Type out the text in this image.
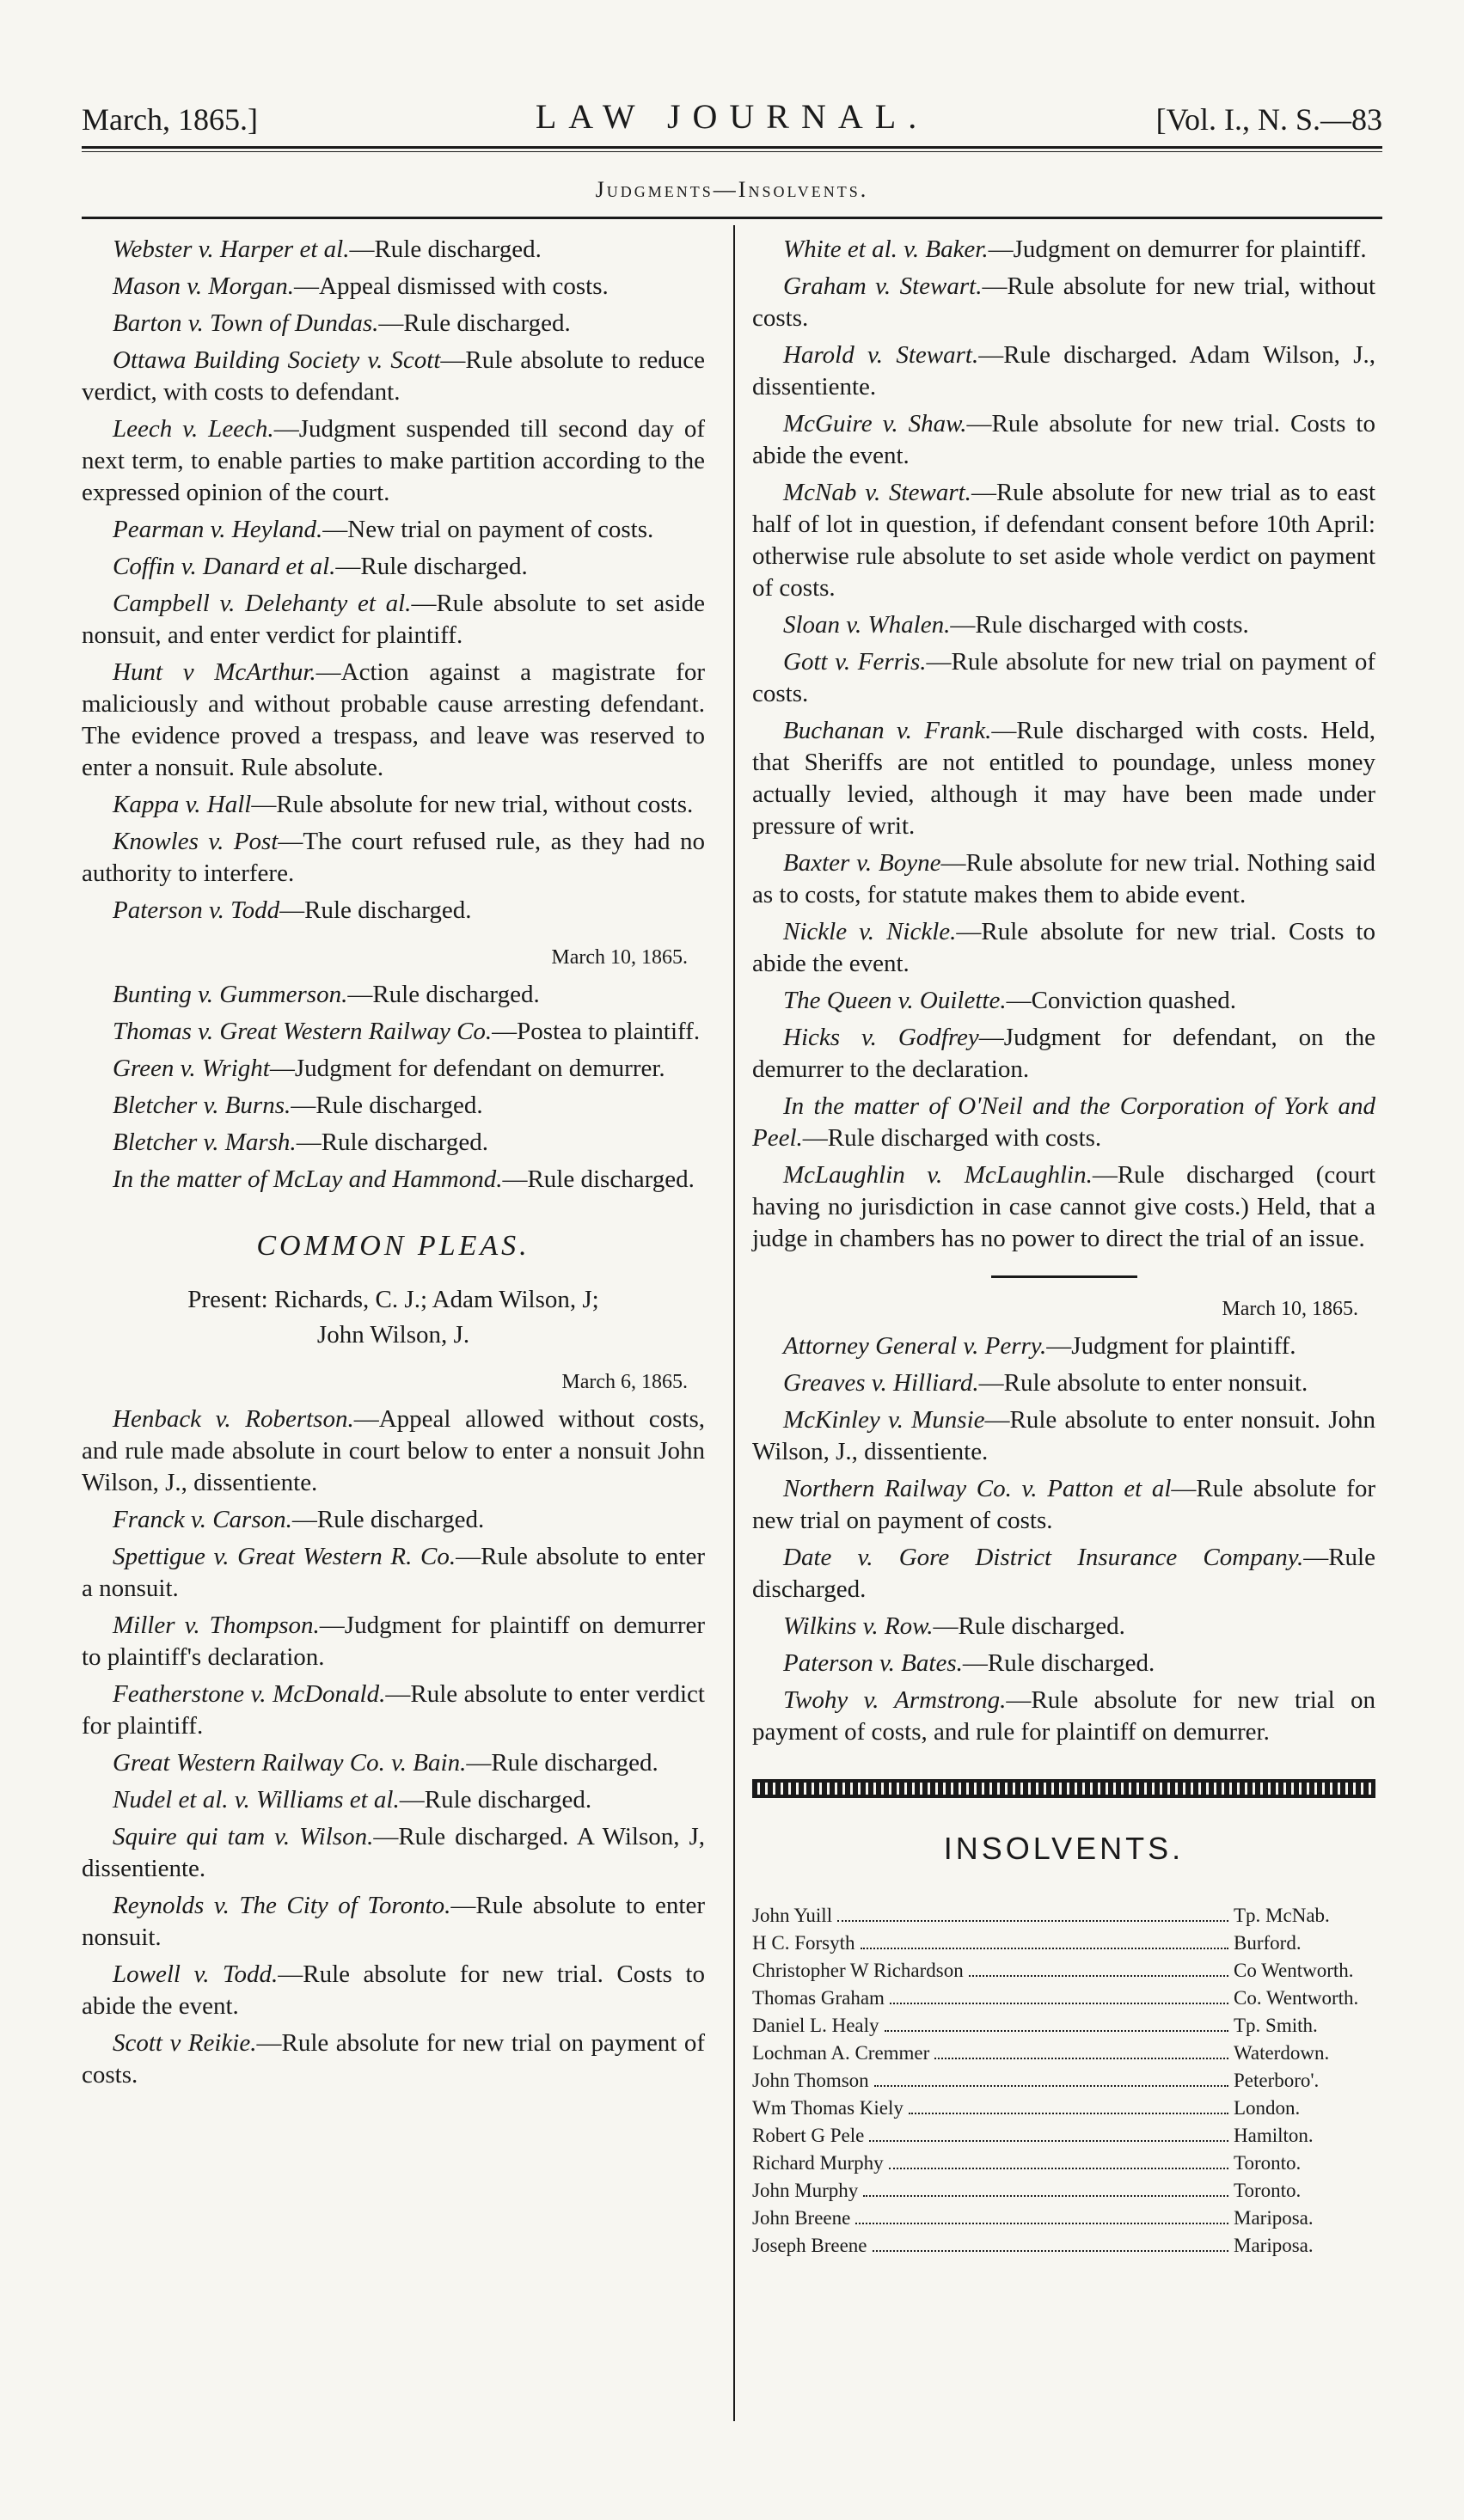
March, 1865.]	LAW JOURNAL.	[Vol. I., N. S.—83
Judgments—Insolvents.

Webster v. Harper et al.—Rule discharged.

Mason v. Morgan.—Appeal dismissed with costs.

Barton v. Town of Dundas.—Rule discharged.

Ottawa Building Society v. Scott—Rule absolute to reduce verdict, with costs to defendant.

Leech v. Leech.—Judgment suspended till second day of next term, to enable parties to make partition according to the expressed opinion of the court.

Pearman v. Heyland.—New trial on payment of costs.

Coffin v. Danard et al.—Rule discharged.

Campbell v. Delehanty et al.—Rule absolute to set aside nonsuit, and enter verdict for plaintiff.

Hunt v McArthur.—Action against a magistrate for maliciously and without probable cause arresting defendant. The evidence proved a trespass, and leave was reserved to enter a nonsuit. Rule absolute.

Kappa v. Hall—Rule absolute for new trial, without costs.

Knowles v. Post—The court refused rule, as they had no authority to interfere.

Paterson v. Todd—Rule discharged.

March 10, 1865.

Bunting v. Gummerson.—Rule discharged.

Thomas v. Great Western Railway Co.—Postea to plaintiff.

Green v. Wright—Judgment for defendant on demurrer.

Bletcher v. Burns.—Rule discharged.

Bletcher v. Marsh.—Rule discharged.

In the matter of McLay and Hammond.—Rule discharged.

COMMON PLEAS.
Present: Richards, C. J.; Adam Wilson, J;
John Wilson, J.
March 6, 1865.

Henback v. Robertson.—Appeal allowed without costs, and rule made absolute in court below to enter a nonsuit John Wilson, J., dissentiente.

Franck v. Carson.—Rule discharged.

Spettigue v. Great Western R. Co.—Rule absolute to enter a nonsuit.

Miller v. Thompson.—Judgment for plaintiff on demurrer to plaintiff's declaration.

Featherstone v. McDonald.—Rule absolute to enter verdict for plaintiff.

Great Western Railway Co. v. Bain.—Rule discharged.

Nudel et al. v. Williams et al.—Rule discharged.

Squire qui tam v. Wilson.—Rule discharged. A Wilson, J, dissentiente.

Reynolds v. The City of Toronto.—Rule absolute to enter nonsuit.

Lowell v. Todd.—Rule absolute for new trial. Costs to abide the event.

Scott v Reikie.—Rule absolute for new trial on payment of costs.

White et al. v. Baker.—Judgment on demurrer for plaintiff.

Graham v. Stewart.—Rule absolute for new trial, without costs.

Harold v. Stewart.—Rule discharged. Adam Wilson, J., dissentiente.

McGuire v. Shaw.—Rule absolute for new trial. Costs to abide the event.

McNab v. Stewart.—Rule absolute for new trial as to east half of lot in question, if defendant consent before 10th April: otherwise rule absolute to set aside whole verdict on payment of costs.

Sloan v. Whalen.—Rule discharged with costs.

Gott v. Ferris.—Rule absolute for new trial on payment of costs.

Buchanan v. Frank.—Rule discharged with costs. Held, that Sheriffs are not entitled to poundage, unless money actually levied, although it may have been made under pressure of writ.

Baxter v. Boyne—Rule absolute for new trial. Nothing said as to costs, for statute makes them to abide event.

Nickle v. Nickle.—Rule absolute for new trial. Costs to abide the event.

The Queen v. Ouilette.—Conviction quashed.

Hicks v. Godfrey—Judgment for defendant, on the demurrer to the declaration.

In the matter of O'Neil and the Corporation of York and Peel.—Rule discharged with costs.

McLaughlin v. McLaughlin.—Rule discharged (court having no jurisdiction in case cannot give costs.) Held, that a judge in chambers has no power to direct the trial of an issue.

March 10, 1865.

Attorney General v. Perry.—Judgment for plaintiff.

Greaves v. Hilliard.—Rule absolute to enter nonsuit.

McKinley v. Munsie—Rule absolute to enter nonsuit. John Wilson, J., dissentiente.

Northern Railway Co. v. Patton et al—Rule absolute for new trial on payment of costs.

Date v. Gore District Insurance Company.—Rule discharged.

Wilkins v. Row.—Rule discharged.

Paterson v. Bates.—Rule discharged.

Twohy v. Armstrong.—Rule absolute for new trial on payment of costs, and rule for plaintiff on demurrer.

INSOLVENTS.
John Yuill	Tp. McNab.
H C. Forsyth	Burford.
Christopher W Richardson	Co Wentworth.
Thomas Graham	Co. Wentworth.
Daniel L. Healy	Tp. Smith.
Lochman A. Cremmer	Waterdown.
John Thomson	Peterboro'.
Wm Thomas Kiely	London.
Robert G Pele	Hamilton.
Richard Murphy	Toronto.
John Murphy	Toronto.
John Breene	Mariposa.
Joseph Breene	Mariposa.
